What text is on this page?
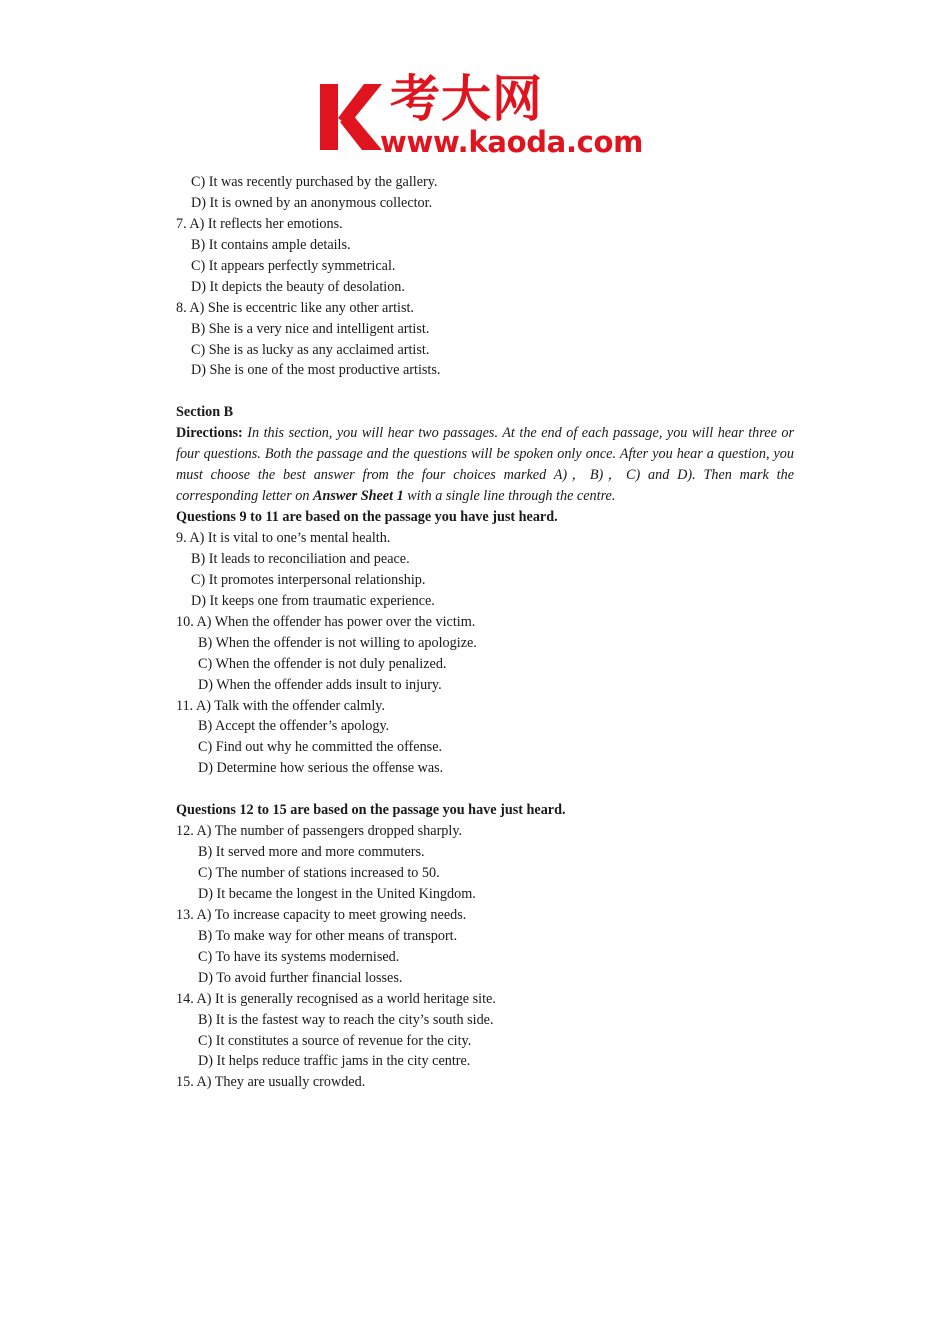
考大网
www.kaoda.com
C) It was recently purchased by the gallery.
D) It is owned by an anonymous collector.
7. A) It reflects her emotions.
B) It contains ample details.
C) It appears perfectly symmetrical.
D) It depicts the beauty of desolation.
8. A) She is eccentric like any other artist.
B) She is a very nice and intelligent artist.
C) She is as lucky as any acclaimed artist.
D) She is one of the most productive artists.
Section B
Directions: In this section, you will hear two passages. At the end of each passage, you will hear three or four questions. Both the passage and the questions will be spoken only once. After you hear a question, you must choose the best answer from the four choices marked A)，B)，C) and D). Then mark the corresponding letter on Answer Sheet 1 with a single line through the centre.
Questions 9 to 11 are based on the passage you have just heard.
9. A) It is vital to one’s mental health.
B) It leads to reconciliation and peace.
C) It promotes interpersonal relationship.
D) It keeps one from traumatic experience.
10. A) When the offender has power over the victim.
B) When the offender is not willing to apologize.
C) When the offender is not duly penalized.
D) When the offender adds insult to injury.
11. A) Talk with the offender calmly.
B) Accept the offender’s apology.
C) Find out why he committed the offense.
D) Determine how serious the offense was.
Questions 12 to 15 are based on the passage you have just heard.
12. A) The number of passengers dropped sharply.
B) It served more and more commuters.
C) The number of stations increased to 50.
D) It became the longest in the United Kingdom.
13. A) To increase capacity to meet growing needs.
B) To make way for other means of transport.
C) To have its systems modernised.
D) To avoid further financial losses.
14. A) It is generally recognised as a world heritage site.
B) It is the fastest way to reach the city’s south side.
C) It constitutes a source of revenue for the city.
D) It helps reduce traffic jams in the city centre.
15. A) They are usually crowded.
